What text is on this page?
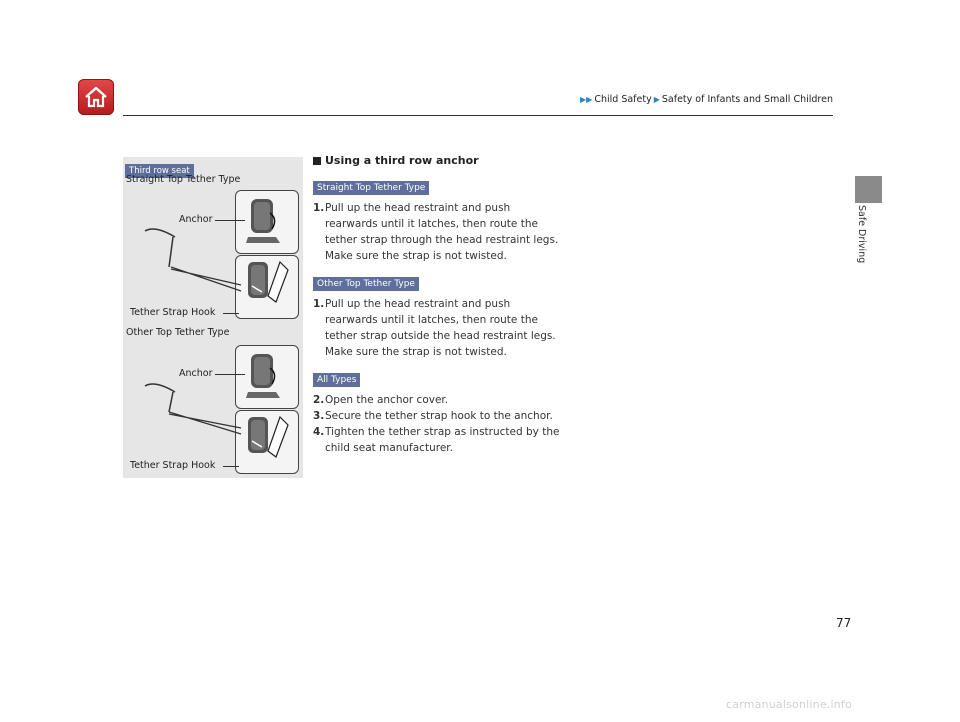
▶▶ Child Safety ▶ Safety of Infants and Small Children
Safe Driving
Third row seat
Straight Top Tether Type
Anchor
Tether Strap Hook
Other Top Tether Type
Anchor
Tether Strap Hook
Using a third row anchor
Straight Top Tether Type
1. Pull up the head restraint and push rearwards until it latches, then route the tether strap through the head restraint legs. Make sure the strap is not twisted.
Other Top Tether Type
1. Pull up the head restraint and push rearwards until it latches, then route the tether strap outside the head restraint legs. Make sure the strap is not twisted.
All Types
2. Open the anchor cover.
3. Secure the tether strap hook to the anchor.
4. Tighten the tether strap as instructed by the child seat manufacturer.
77
carmanualsonline.info
